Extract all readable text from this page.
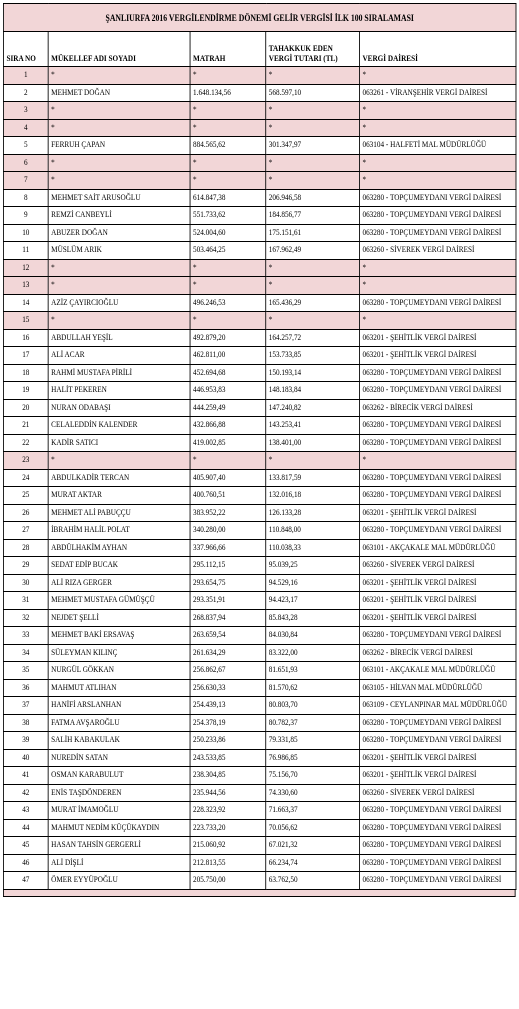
ŞANLIURFA 2016 VERGİLENDİRME DÖNEMİ GELİR VERGİSİ İLK 100 SIRALAMASI				
SIRA NO	MÜKELLEF ADI SOYADI	MATRAH	TAHAKKUK EDEN VERGİ TUTARI (TL)	VERGİ DAİRESİ
1	*	*	*	*
2	MEHMET DOĞAN	1.648.134,56	568.597,10	063261 - VİRANŞEHİR VERGİ DAİRESİ
3	*	*	*	*
4	*	*	*	*
5	FERRUH ÇAPAN	884.565,62	301.347,97	063104 - HALFETİ MAL MÜDÜRLÜĞÜ
6	*	*	*	*
7	*	*	*	*
8	MEHMET SAİT ARUSOĞLU	614.847,38	206.946,58	063280 - TOPÇUMEYDANI VERGİ DAİRESİ
9	REMZİ CANBEYLİ	551.733,62	184.856,77	063280 - TOPÇUMEYDANI VERGİ DAİRESİ
10	ABUZER DOĞAN	524.004,60	175.151,61	063280 - TOPÇUMEYDANI VERGİ DAİRESİ
11	MÜSLÜM ARIK	503.464,25	167.962,49	063260 - SİVEREK VERGİ DAİRESİ
12	*	*	*	*
13	*	*	*	*
14	AZİZ ÇAYIRCIOĞLU	496.246,53	165.436,29	063280 - TOPÇUMEYDANI VERGİ DAİRESİ
15	*	*	*	*
16	ABDULLAH YEŞİL	492.879,20	164.257,72	063201 - ŞEHİTLİK VERGİ DAİRESİ
17	ALİ ACAR	462.811,00	153.733,85	063201 - ŞEHİTLİK VERGİ DAİRESİ
18	RAHMİ MUSTAFA PİRİLİ	452.694,68	150.193,14	063280 - TOPÇUMEYDANI VERGİ DAİRESİ
19	HALİT PEKEREN	446.953,83	148.183,84	063280 - TOPÇUMEYDANI VERGİ DAİRESİ
20	NURAN ODABAŞI	444.259,49	147.240,82	063262 - BİRECİK VERGİ DAİRESİ
21	CELALEDDİN KALENDER	432.866,88	143.253,41	063280 - TOPÇUMEYDANI VERGİ DAİRESİ
22	KADİR SATICI	419.002,85	138.401,00	063280 - TOPÇUMEYDANI VERGİ DAİRESİ
23	*	*	*	*
24	ABDULKADİR TERCAN	405.907,40	133.817,59	063280 - TOPÇUMEYDANI VERGİ DAİRESİ
25	MURAT AKTAR	400.760,51	132.016,18	063280 - TOPÇUMEYDANI VERGİ DAİRESİ
26	MEHMET ALİ PABUÇÇU	383.952,22	126.133,28	063201 - ŞEHİTLİK VERGİ DAİRESİ
27	İBRAHİM HALİL POLAT	340.280,00	110.848,00	063280 - TOPÇUMEYDANI VERGİ DAİRESİ
28	ABDÜLHAKİM AYHAN	337.966,66	110.038,33	063101 - AKÇAKALE MAL MÜDÜRLÜĞÜ
29	SEDAT EDİP BUCAK	295.112,15	95.039,25	063260 - SİVEREK VERGİ DAİRESİ
30	ALİ RIZA GERGER	293.654,75	94.529,16	063201 - ŞEHİTLİK VERGİ DAİRESİ
31	MEHMET MUSTAFA GÜMÜŞÇÜ	293.351,91	94.423,17	063201 - ŞEHİTLİK VERGİ DAİRESİ
32	NEJDET ŞELLİ	268.837,94	85.843,28	063201 - ŞEHİTLİK VERGİ DAİRESİ
33	MEHMET BAKİ ERSAVAŞ	263.659,54	84.030,84	063280 - TOPÇUMEYDANI VERGİ DAİRESİ
34	SÜLEYMAN KILINÇ	261.634,29	83.322,00	063262 - BİRECİK VERGİ DAİRESİ
35	NURGÜL GÖKKAN	256.862,67	81.651,93	063101 - AKÇAKALE MAL MÜDÜRLÜĞÜ
36	MAHMUT ATLIHAN	256.630,33	81.570,62	063105 - HİLVAN MAL MÜDÜRLÜĞÜ
37	HANİFİ ARSLANHAN	254.439,13	80.803,70	063109 - CEYLANPINAR MAL MÜDÜRLÜĞÜ
38	FATMA AVŞAROĞLU	254.378,19	80.782,37	063280 - TOPÇUMEYDANI VERGİ DAİRESİ
39	SALİH KABAKULAK	250.233,86	79.331,85	063280 - TOPÇUMEYDANI VERGİ DAİRESİ
40	NUREDİN SATAN	243.533,85	76.986,85	063201 - ŞEHİTLİK VERGİ DAİRESİ
41	OSMAN KARABULUT	238.304,85	75.156,70	063201 - ŞEHİTLİK VERGİ DAİRESİ
42	ENİS TAŞDÖNDEREN	235.944,56	74.330,60	063260 - SİVEREK VERGİ DAİRESİ
43	MURAT İMAMOĞLU	228.323,92	71.663,37	063280 - TOPÇUMEYDANI VERGİ DAİRESİ
44	MAHMUT NEDİM KÜÇÜKAYDIN	223.733,20	70.056,62	063280 - TOPÇUMEYDANI VERGİ DAİRESİ
45	HASAN TAHSİN GERGERLİ	215.060,92	67.021,32	063280 - TOPÇUMEYDANI VERGİ DAİRESİ
46	ALİ DİŞLİ	212.813,55	66.234,74	063280 - TOPÇUMEYDANI VERGİ DAİRESİ
47	ÖMER EYYÜPOĞLU	205.750,00	63.762,50	063280 - TOPÇUMEYDANI VERGİ DAİRESİ
